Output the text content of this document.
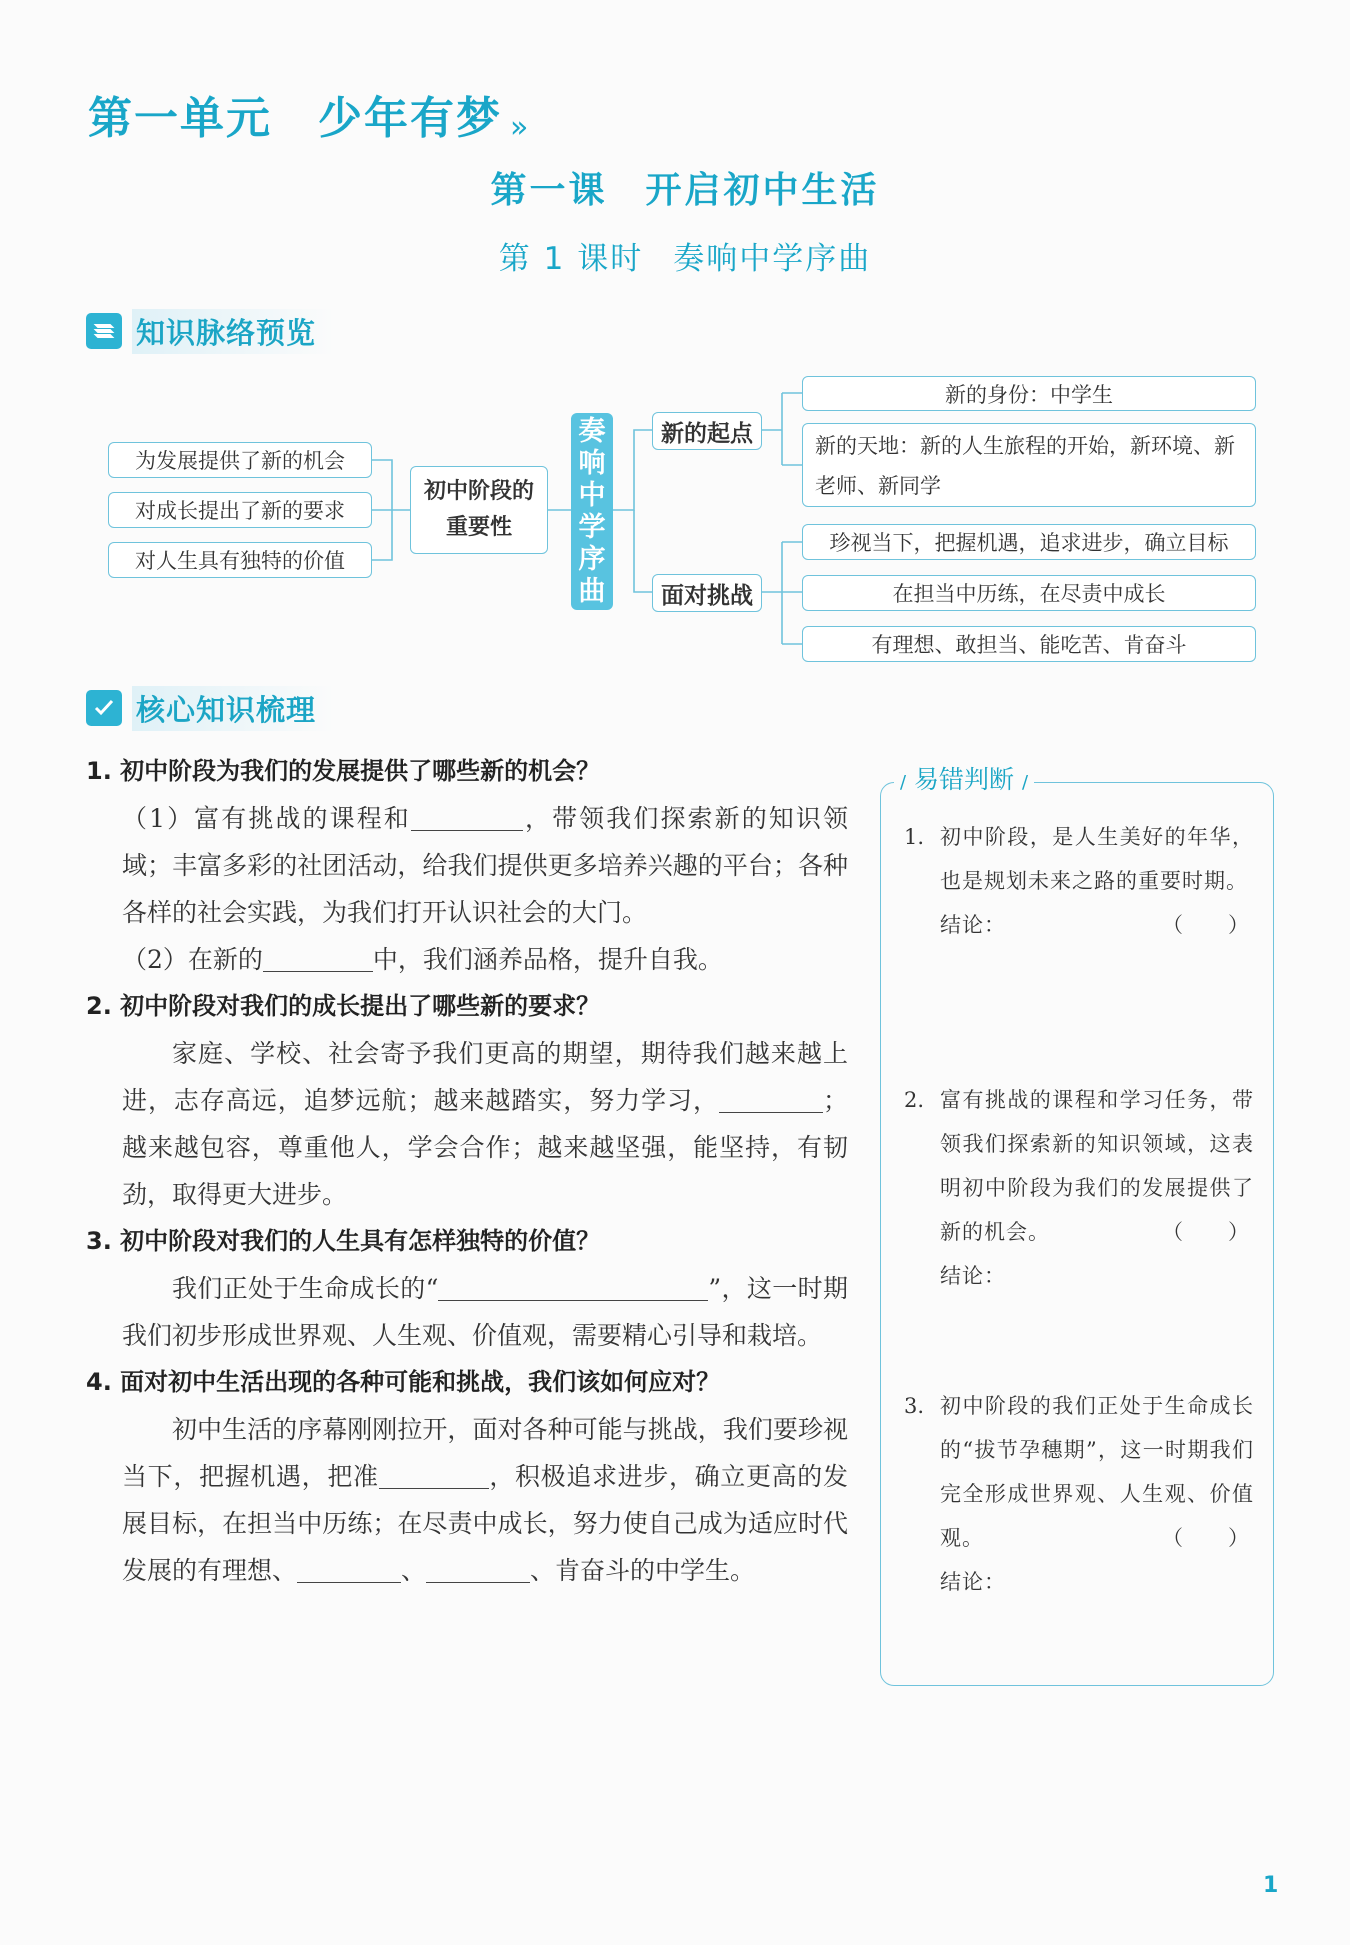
第一单元 少年有梦 »
第一课 开启初中生活
第 1 课时 奏响中学序曲
知识脉络预览
为发展提供了新的机会
对成长提出了新的要求
对人生具有独特的价值
初中阶段的
重要性
奏
响
中
学
序
曲
新的起点
面对挑战
新的身份：中学生
新的天地：新的人生旅程的开始，新环境、新老师、新同学
珍视当下，把握机遇，追求进步，确立目标
在担当中历练，在尽责中成长
有理想、敢担当、能吃苦、肯奋斗
核心知识梳理
1. 初中阶段为我们的发展提供了哪些新的机会？

（1）富有挑战的课程和	，带领我们探索新的知识领域；丰富多彩的社团活动，给我们提供更多培养兴趣的平台；各种各样的社会实践，为我们打开认识社会的大门。

（2）在新的	中，我们涵养品格，提升自我。

2. 初中阶段对我们的成长提出了哪些新的要求？

家庭、学校、社会寄予我们更高的期望，期待我们越来越上进，志存高远，追梦远航；越来越踏实，努力学习，	；越来越包容，尊重他人，学会合作；越来越坚强，能坚持，有韧劲，取得更大进步。

3. 初中阶段对我们的人生具有怎样独特的价值？

我们正处于生命成长的“	”，这一时期我们初步形成世界观、人生观、价值观，需要精心引导和栽培。

4. 面对初中生活出现的各种可能和挑战，我们该如何应对？

初中生活的序幕刚刚拉开，面对各种可能与挑战，我们要珍视当下，把握机遇，把准	，积极追求进步，确立更高的发展目标，在担当中历练；在尽责中成长，努力使自己成为适应时代发展的有理想、	、	、肯奋斗的中学生。

/ 易错判断 /
1. 初中阶段，是人生美好的年华，也是规划未来之路的重要时期。
（　　）
结论：
2. 富有挑战的课程和学习任务，带领我们探索新的知识领域，这表明初中阶段为我们的发展提供了新的机会。	（　　）
结论：
3. 初中阶段的我们正处于生命成长的“拔节孕穗期”，这一时期我们完全形成世界观、人生观、价值观。	（　　）
结论：
1
